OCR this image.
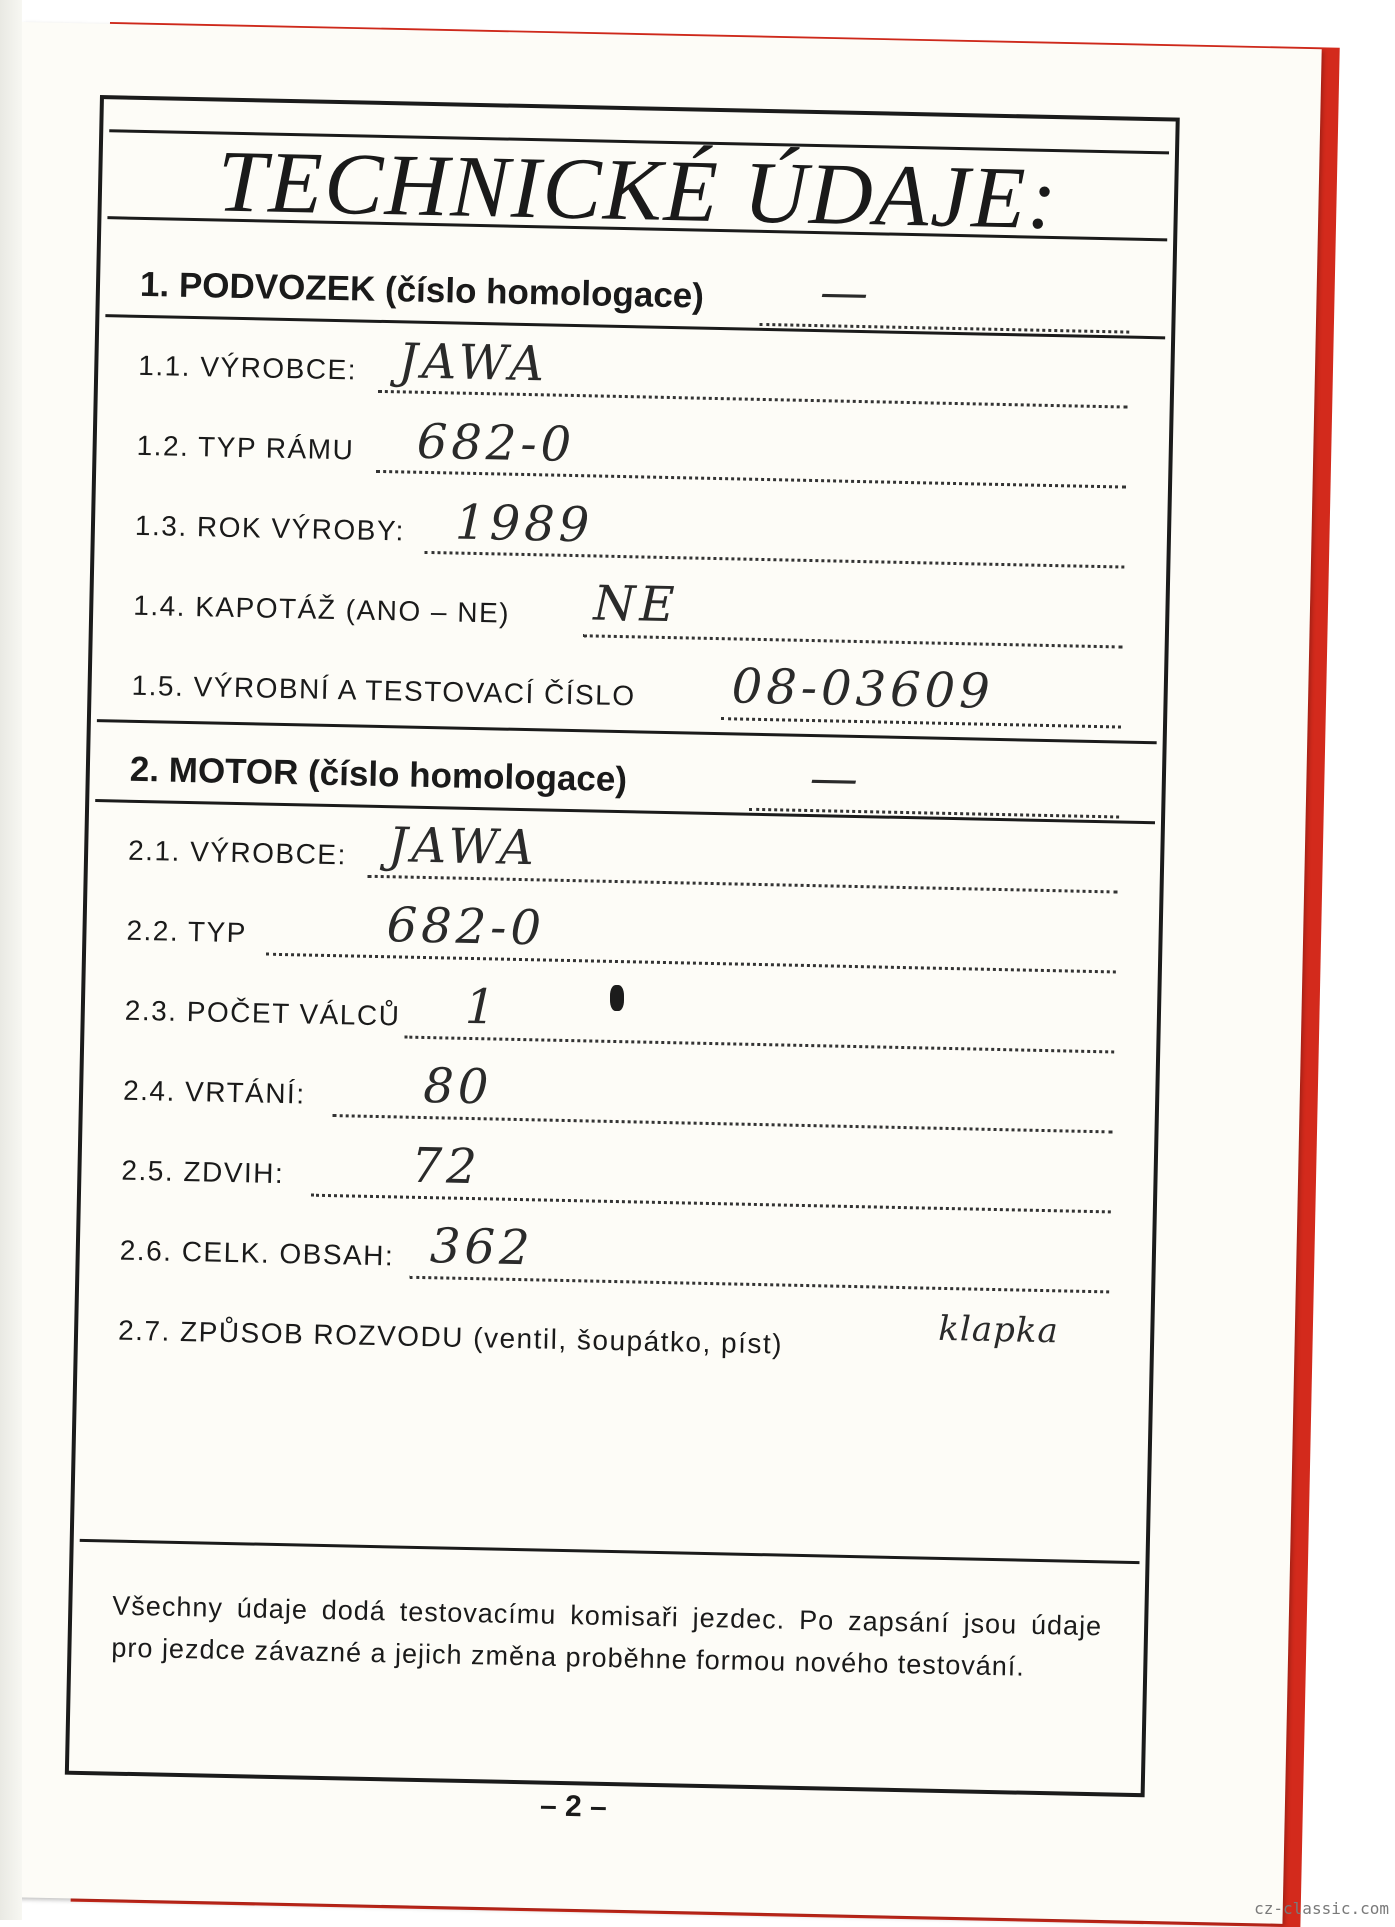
TECHNICKÉ ÚDAJE:
1. PODVOZEK (číslo homologace) —
1.1. VÝROBCE: JAWA
1.2. TYP RÁMU 682-0
1.3. ROK VÝROBY: 1989
1.4. KAPOTÁŽ (ANO – NE) NE
1.5. VÝROBNÍ A TESTOVACÍ ČÍSLO 08-03609
2. MOTOR (číslo homologace)	—
2.1. VÝROBCE: JAWA
2.2. TYP	682-0
2.3. POČET VÁLCŮ 1
2.4. VRTÁNÍ: 80
2.5. ZDVIH:	72
2.6. CELK. OBSAH: 362
2.7. ZPŮSOB ROZVODU (ventil, šoupátko, píst)	klapka
Všechny údaje dodá testovacímu komisaři jezdec. Po zapsání jsou údaje pro jezdce závazné a jejich změna proběhne formou nového testování.
– 2 –
cz-classic.com
